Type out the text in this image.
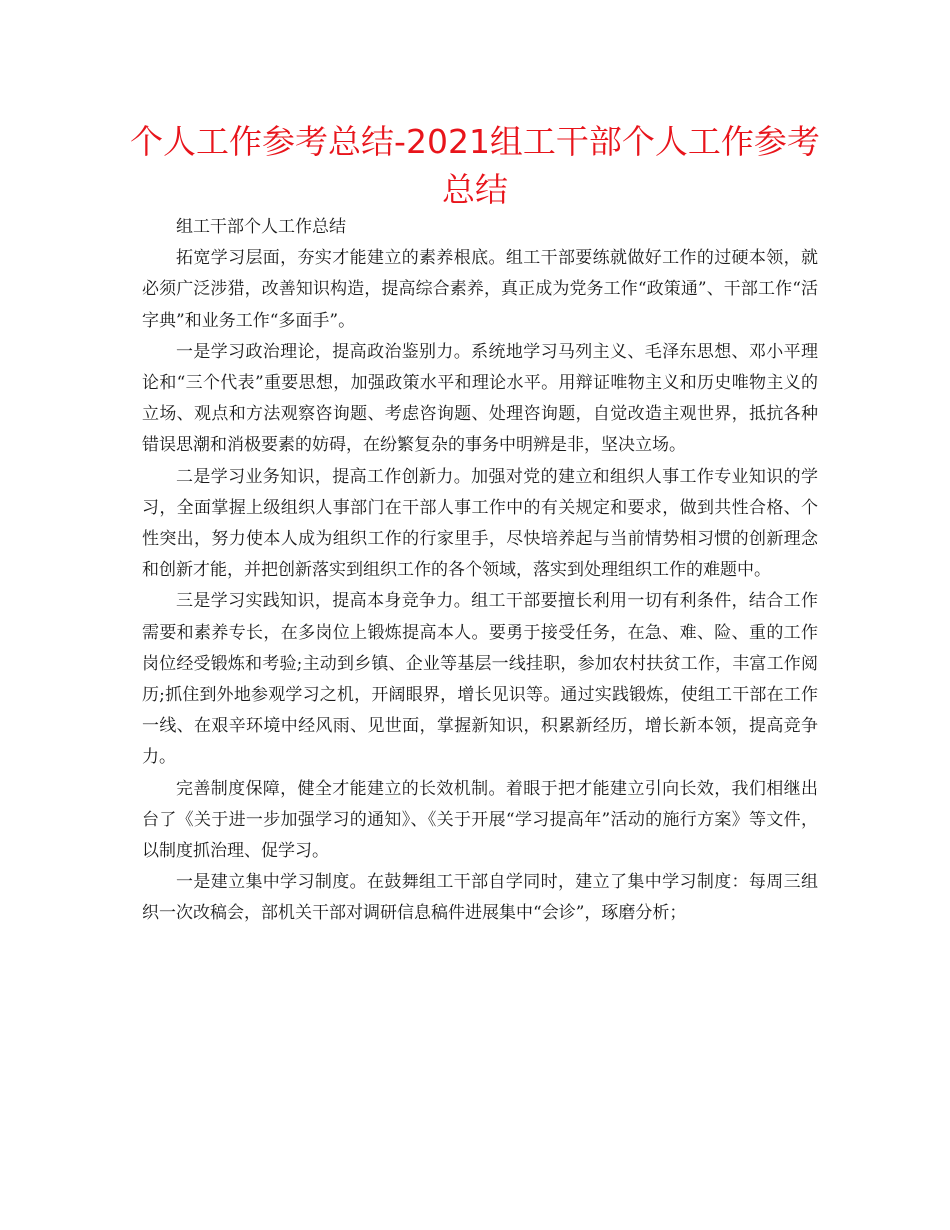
个人工作参考总结-2021组工干部个人工作参考总结

组工干部个人工作总结

拓宽学习层面，夯实才能建立的素养根底。组工干部要练就做好工作的过硬本领，就必须广泛涉猎，改善知识构造，提高综合素养，真正成为党务工作“政策通”、干部工作“活字典”和业务工作“多面手”。

一是学习政治理论，提高政治鉴别力。系统地学习马列主义、毛泽东思想、邓小平理论和“三个代表”重要思想，加强政策水平和理论水平。用辩证唯物主义和历史唯物主义的立场、观点和方法观察咨询题、考虑咨询题、处理咨询题，自觉改造主观世界，抵抗各种错误思潮和消极要素的妨碍，在纷繁复杂的事务中明辨是非，坚决立场。

二是学习业务知识，提高工作创新力。加强对党的建立和组织人事工作专业知识的学习，全面掌握上级组织人事部门在干部人事工作中的有关规定和要求，做到共性合格、个性突出，努力使本人成为组织工作的行家里手，尽快培养起与当前情势相习惯的创新理念和创新才能，并把创新落实到组织工作的各个领域，落实到处理组织工作的难题中。

三是学习实践知识，提高本身竞争力。组工干部要擅长利用一切有利条件，结合工作需要和素养专长，在多岗位上锻炼提高本人。要勇于接受任务，在急、难、险、重的工作岗位经受锻炼和考验;主动到乡镇、企业等基层一线挂职，参加农村扶贫工作，丰富工作阅历;抓住到外地参观学习之机，开阔眼界，增长见识等。通过实践锻炼，使组工干部在工作一线、在艰辛环境中经风雨、见世面，掌握新知识，积累新经历，增长新本领，提高竞争力。

完善制度保障，健全才能建立的长效机制。着眼于把才能建立引向长效，我们相继出台了《关于进一步加强学习的通知》、《关于开展“学习提高年”活动的施行方案》等文件，以制度抓治理、促学习。

一是建立集中学习制度。在鼓舞组工干部自学同时，建立了集中学习制度：每周三组织一次改稿会，部机关干部对调研信息稿件进展集中“会诊”，琢磨分析；
